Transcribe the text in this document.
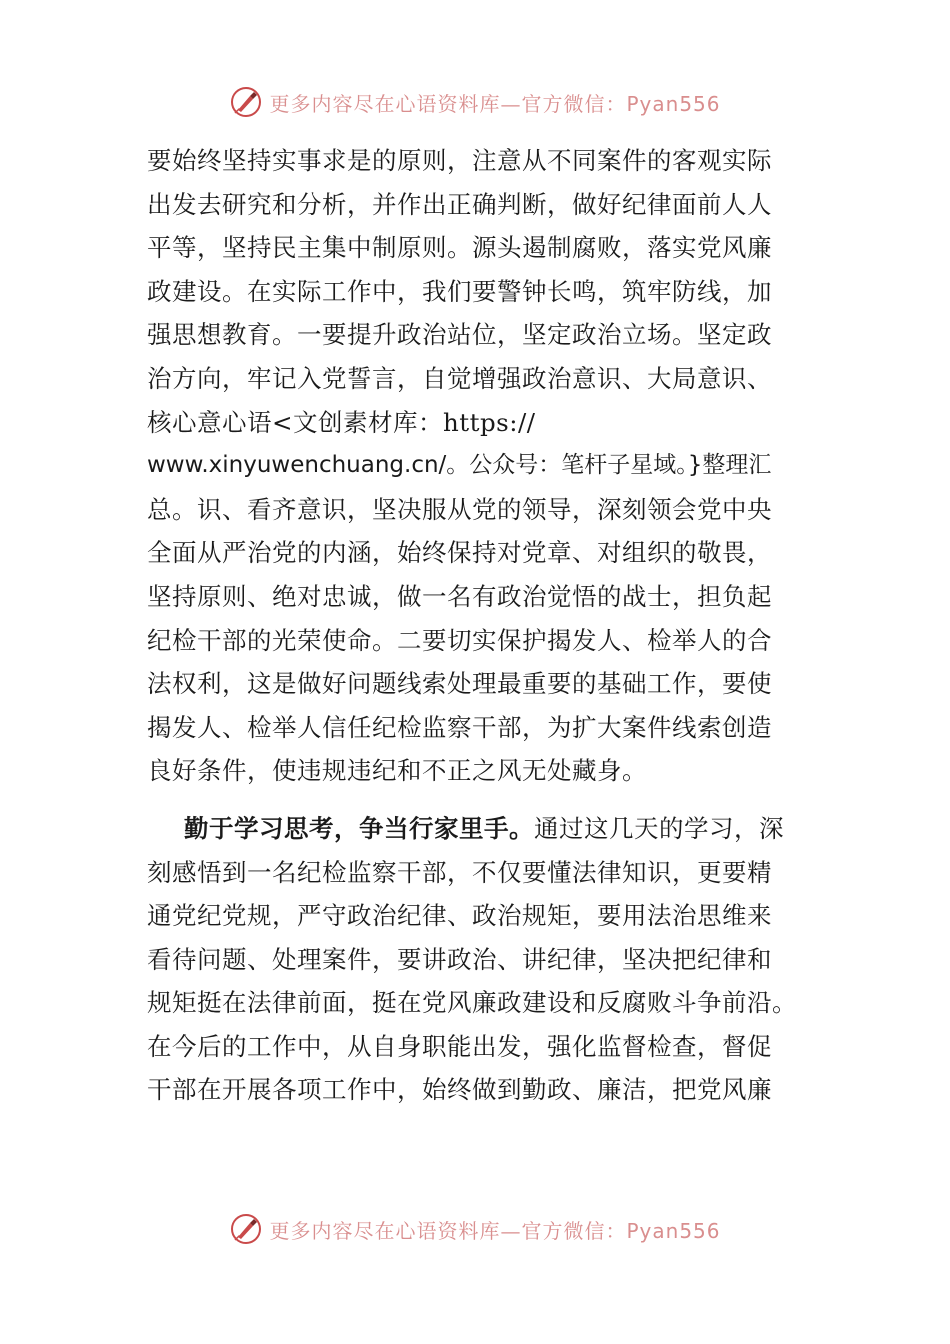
更多内容尽在心语资料库—官方微信：Pyan556
要始终坚持实事求是的原则，注意从不同案件的客观实际
出发去研究和分析，并作出正确判断，做好纪律面前人人
平等，坚持民主集中制原则。源头遏制腐败，落实党风廉
政建设。在实际工作中，我们要警钟长鸣，筑牢防线，加
强思想教育。一要提升政治站位，坚定政治立场。坚定政
治方向，牢记入党誓言，自觉增强政治意识、大局意识、
核心意心语<文创素材库：https://
www.xinyuwenchuang.cn/。公众号：笔杆子星域。}整理汇
总。识、看齐意识，坚决服从党的领导，深刻领会党中央
全面从严治党的内涵，始终保持对党章、对组织的敬畏，
坚持原则、绝对忠诚，做一名有政治觉悟的战士，担负起
纪检干部的光荣使命。二要切实保护揭发人、检举人的合
法权利，这是做好问题线索处理最重要的基础工作，要使
揭发人、检举人信任纪检监察干部，为扩大案件线索创造
良好条件，使违规违纪和不正之风无处藏身。
勤于学习思考，争当行家里手。通过这几天的学习，深
刻感悟到一名纪检监察干部，不仅要懂法律知识，更要精
通党纪党规，严守政治纪律、政治规矩，要用法治思维来
看待问题、处理案件，要讲政治、讲纪律，坚决把纪律和
规矩挺在法律前面，挺在党风廉政建设和反腐败斗争前沿。
在今后的工作中，从自身职能出发，强化监督检查，督促
干部在开展各项工作中，始终做到勤政、廉洁，把党风廉
更多内容尽在心语资料库—官方微信：Pyan556
